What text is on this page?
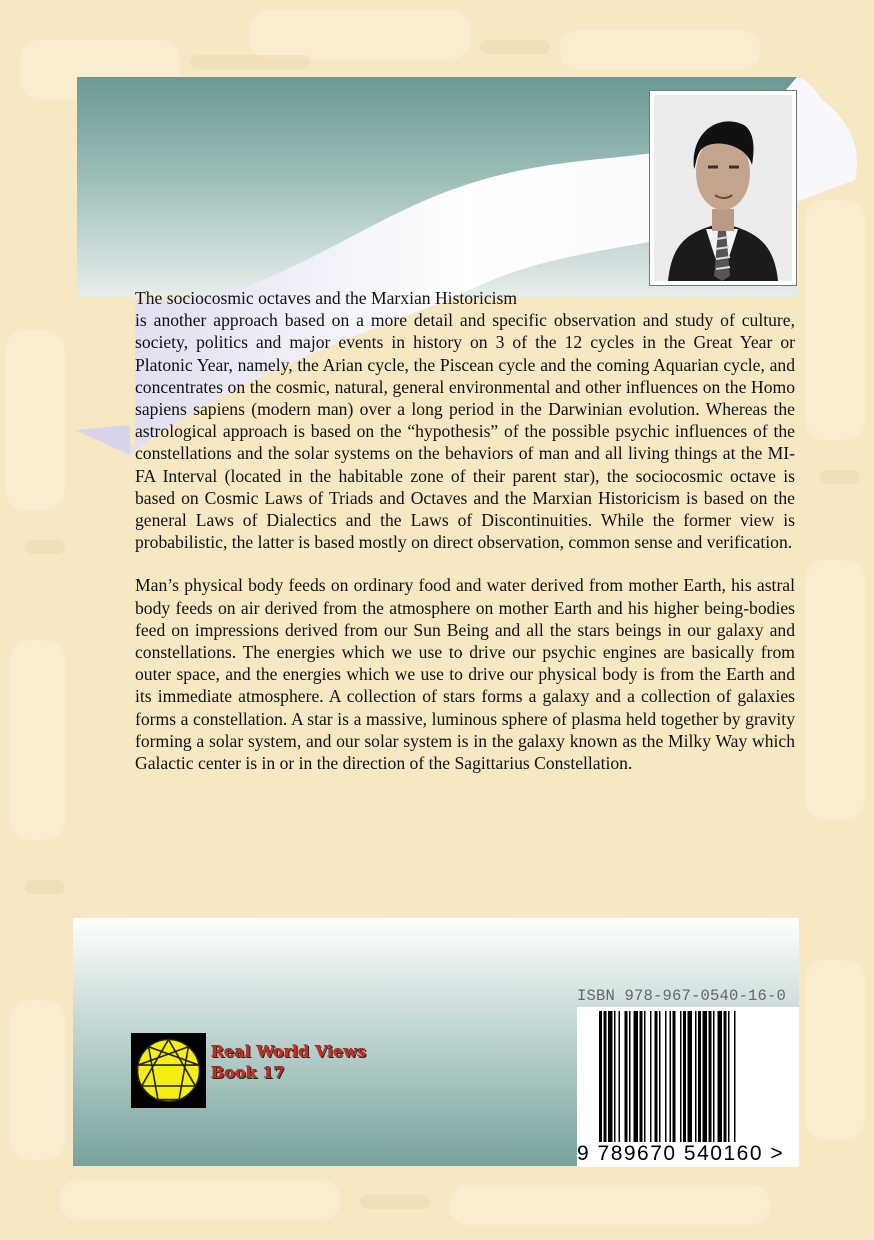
The sociocosmic octaves and the Marxian Historicism

is another approach based on a more detail and specific observation and study of culture, society, politics and major events in history on 3 of the 12 cycles in the Great Year or Platonic Year, namely, the Arian cycle, the Piscean cycle and the coming Aquarian cycle, and concentrates on the cosmic, natural, general environmental and other influences on the Homo sapiens sapiens (modern man) over a long period in the Darwinian evolution. Whereas the astrological approach is based on the “hypothesis” of the possible psychic influences of the constellations and the solar systems on the behaviors of man and all living things at the MI-FA Interval (located in the habitable zone of their parent star), the sociocosmic octave is based on Cosmic Laws of Triads and Octaves and the Marxian Historicism is based on the general Laws of Dialectics and the Laws of Discontinuities. While the former view is probabilistic, the latter is based mostly on direct observation, common sense and verification.

Man’s physical body feeds on ordinary food and water derived from mother Earth, his astral body feeds on air derived from the atmosphere on mother Earth and his higher being-bodies feed on impressions derived from our Sun Being and all the stars beings in our galaxy and constellations. The energies which we use to drive our psychic engines are basically from outer space, and the energies which we use to drive our physical body is from the Earth and its immediate atmosphere. A collection of stars forms a galaxy and a collection of galaxies forms a constellation. A star is a massive, luminous sphere of plasma held together by gravity forming a solar system, and our solar system is in the galaxy known as the Milky Way which Galactic center is in or in the direction of the Sagittarius Constellation.

Real World Views
Book 17
ISBN 978-967-0540-16-0
9 789670 540160 >
